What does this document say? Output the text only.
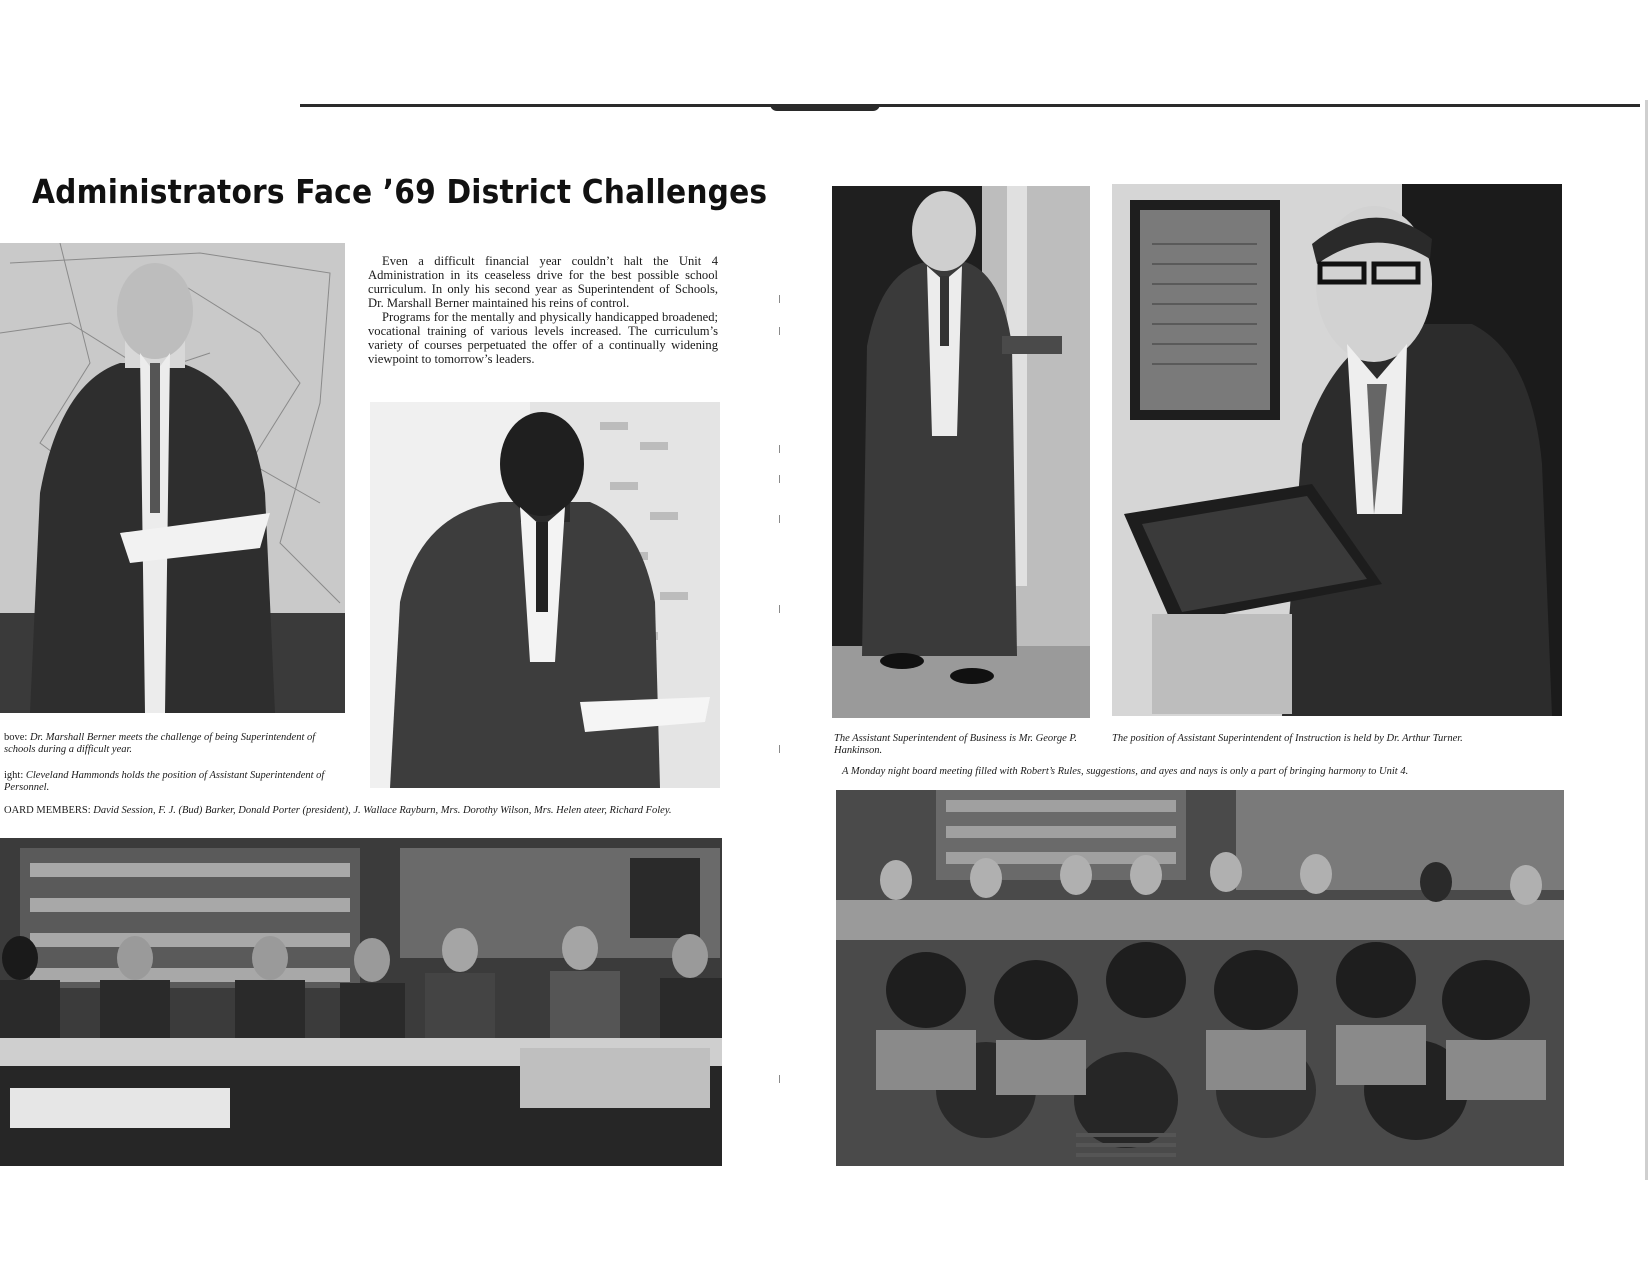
Administrators Face ’69 District Challenges

Even a difficult financial year couldn’t halt the Unit 4 Administration in its ceaseless drive for the best possible school curriculum. In only his second year as Superintendent of Schools, Dr. Marshall Berner maintained his reins of control.

Programs for the mentally and physically handicapped broadened; vocational training of various levels increased. The curriculum’s variety of courses perpetuated the offer of a continually widening viewpoint to tomorrow’s leaders.

bove: Dr. Marshall Berner meets the challenge of being Superintendent of schools during a difficult year.
ight: Cleveland Hammonds holds the position of Assistant Superintendent of Personnel.
OARD MEMBERS: David Session, F. J. (Bud) Barker, Donald Porter (president), J. Wallace Rayburn, Mrs. Dorothy Wilson, Mrs. Helen ateer, Richard Foley.
The Assistant Superintendent of Business is Mr. George P. Hankinson.
The position of Assistant Superintendent of Instruction is held by Dr. Arthur Turner.
A Monday night board meeting filled with Robert’s Rules, suggestions, and ayes and nays is only a part of bringing harmony to Unit 4.
